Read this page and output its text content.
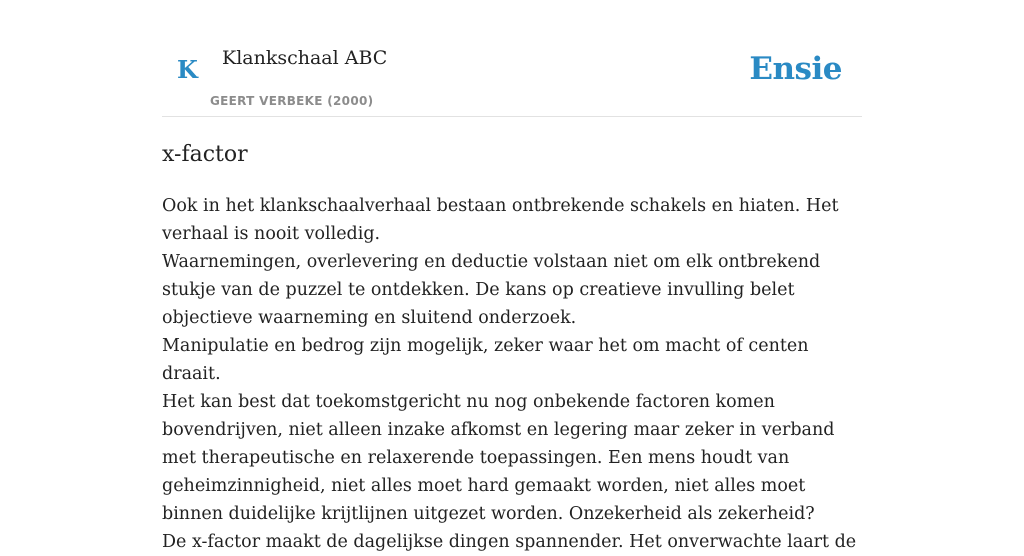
K Klankschaal ABC
GEERT VERBEKE (2000)
Ensie
x-factor

Ook in het klankschaalverhaal bestaan ontbrekende schakels en hiaten. Het verhaal is nooit volledig.

Waarnemingen, overlevering en deductie volstaan niet om elk ontbrekend stukje van de puzzel te ontdekken. De kans op creatieve invulling belet objectieve waarneming en sluitend onderzoek.

Manipulatie en bedrog zijn mogelijk, zeker waar het om macht of centen draait.

Het kan best dat toekomstgericht nu nog onbekende factoren komen bovendrijven, niet alleen inzake afkomst en legering maar zeker in verband met therapeutische en relaxerende toepassingen. Een mens houdt van geheimzinnigheid, niet alles moet hard gemaakt worden, niet alles moet binnen duidelijke krijtlijnen uitgezet worden. Onzekerheid als zekerheid?

De x-factor maakt de dagelijkse dingen spannender. Het onverwachte laart de
